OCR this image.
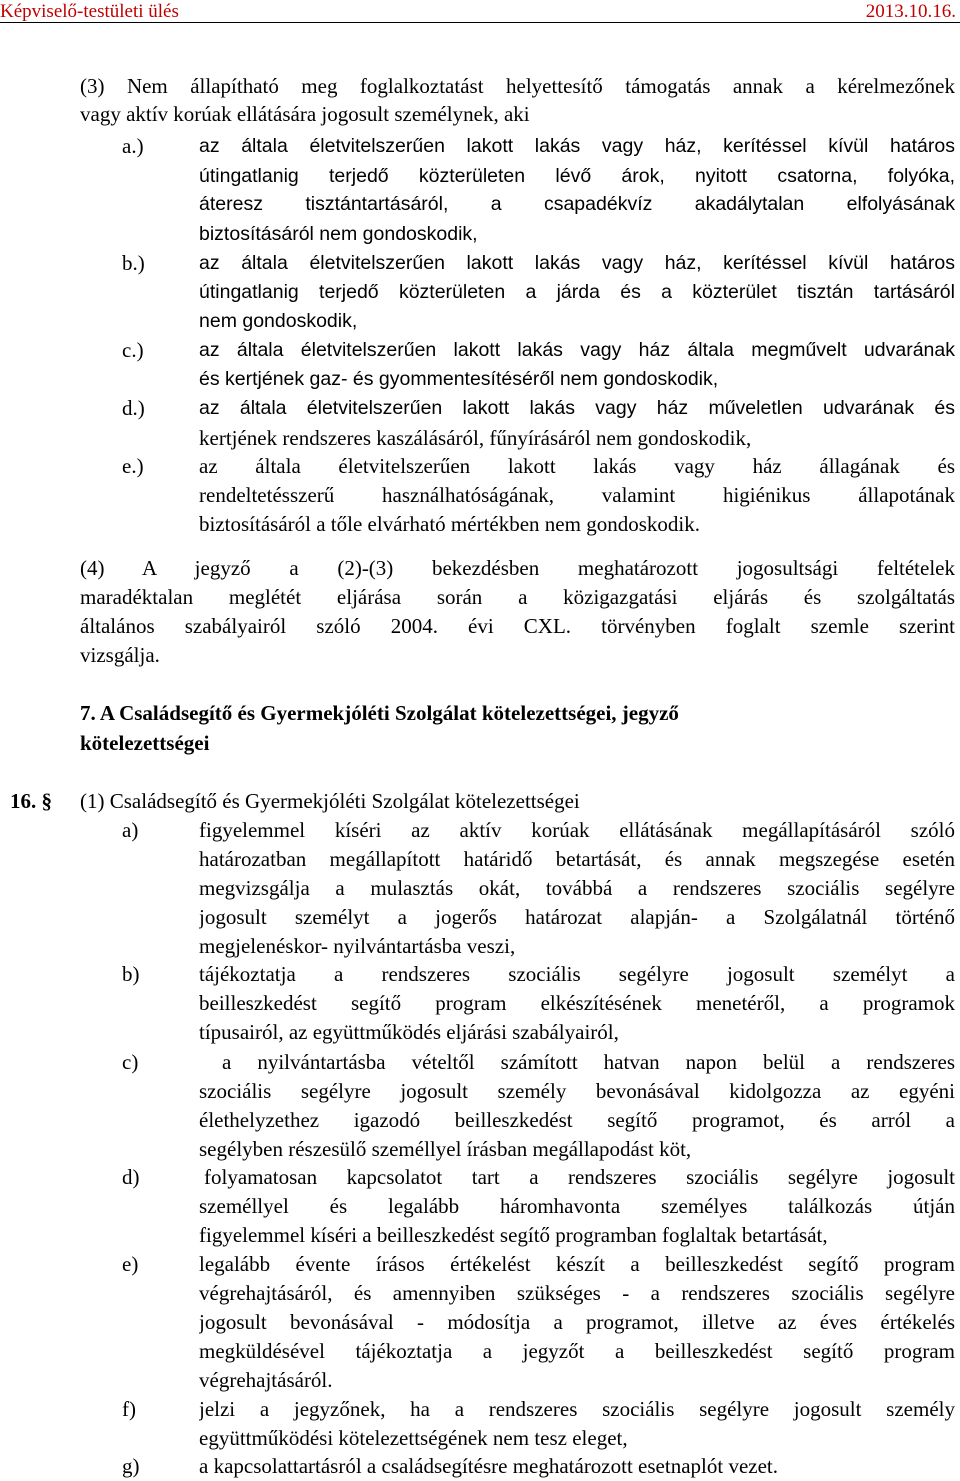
Képviselő-testületi ülés	2013.10.16.
(3) Nem állapítható meg foglalkoztatást helyettesítő támogatás annak a kérelmezőnek
vagy aktív korúak ellátására jogosult személynek, aki
a.)	az általa életvitelszerűen lakott lakás vagy ház, kerítéssel kívül határos
útingatlanig terjedő közterületen lévő árok, nyitott csatorna, folyóka,
áteresz tisztántartásáról, a csapadékvíz akadálytalan elfolyásának
biztosításáról nem gondoskodik,
b.)	az általa életvitelszerűen lakott lakás vagy ház, kerítéssel kívül határos
útingatlanig terjedő közterületen a járda és a közterület tisztán tartásáról
nem gondoskodik,
c.)	az általa életvitelszerűen lakott lakás vagy ház általa megművelt udvarának
és kertjének gaz- és gyommentesítéséről nem gondoskodik,
d.)	az általa életvitelszerűen lakott lakás vagy ház műveletlen udvarának és
kertjének rendszeres kaszálásáról, fűnyírásáról nem gondoskodik,
e.)	az általa életvitelszerűen lakott lakás vagy ház állagának és
rendeltetésszerű használhatóságának, valamint higiénikus állapotának
biztosításáról a tőle elvárható mértékben nem gondoskodik.
(4) A jegyző a (2)-(3) bekezdésben meghatározott jogosultsági feltételek
maradéktalan meglétét eljárása során a közigazgatási eljárás és szolgáltatás
általános szabályairól szóló 2004. évi CXL. törvényben foglalt szemle szerint
vizsgálja.
7. A Családsegítő és Gyermekjóléti Szolgálat kötelezettségei, jegyző
kötelezettségei
16. § (1) Családsegítő és Gyermekjóléti Szolgálat kötelezettségei
a)	figyelemmel kíséri az aktív korúak ellátásának megállapításáról szóló
határozatban megállapított határidő betartását, és annak megszegése esetén
megvizsgálja a mulasztás okát, továbbá a rendszeres szociális segélyre
jogosult személyt a jogerős határozat alapján- a Szolgálatnál történő
megjelenéskor- nyilvántartásba veszi,
b)	tájékoztatja a rendszeres szociális segélyre jogosult személyt a
beilleszkedést segítő program elkészítésének menetéről, a programok
típusairól, az együttműködés eljárási szabályairól,
c)	a nyilvántartásba vételtől számított hatvan napon belül a rendszeres
szociális segélyre jogosult személy bevonásával kidolgozza az egyéni
élethelyzethez igazodó beilleszkedést segítő programot, és arról a
segélyben részesülő személlyel írásban megállapodást köt,
d)	folyamatosan kapcsolatot tart a rendszeres szociális segélyre jogosult
személlyel és legalább háromhavonta személyes találkozás útján
figyelemmel kíséri a beilleszkedést segítő programban foglaltak betartását,
e)	legalább évente írásos értékelést készít a beilleszkedést segítő program
végrehajtásáról, és amennyiben szükséges - a rendszeres szociális segélyre
jogosult bevonásával - módosítja a programot, illetve az éves értékelés
megküldésével tájékoztatja a jegyzőt a beilleszkedést segítő program
végrehajtásáról.
f)	jelzi a jegyzőnek, ha a rendszeres szociális segélyre jogosult személy
együttműködési kötelezettségének nem tesz eleget,
g)	a kapcsolattartásról a családsegítésre meghatározott esetnaplót vezet.
